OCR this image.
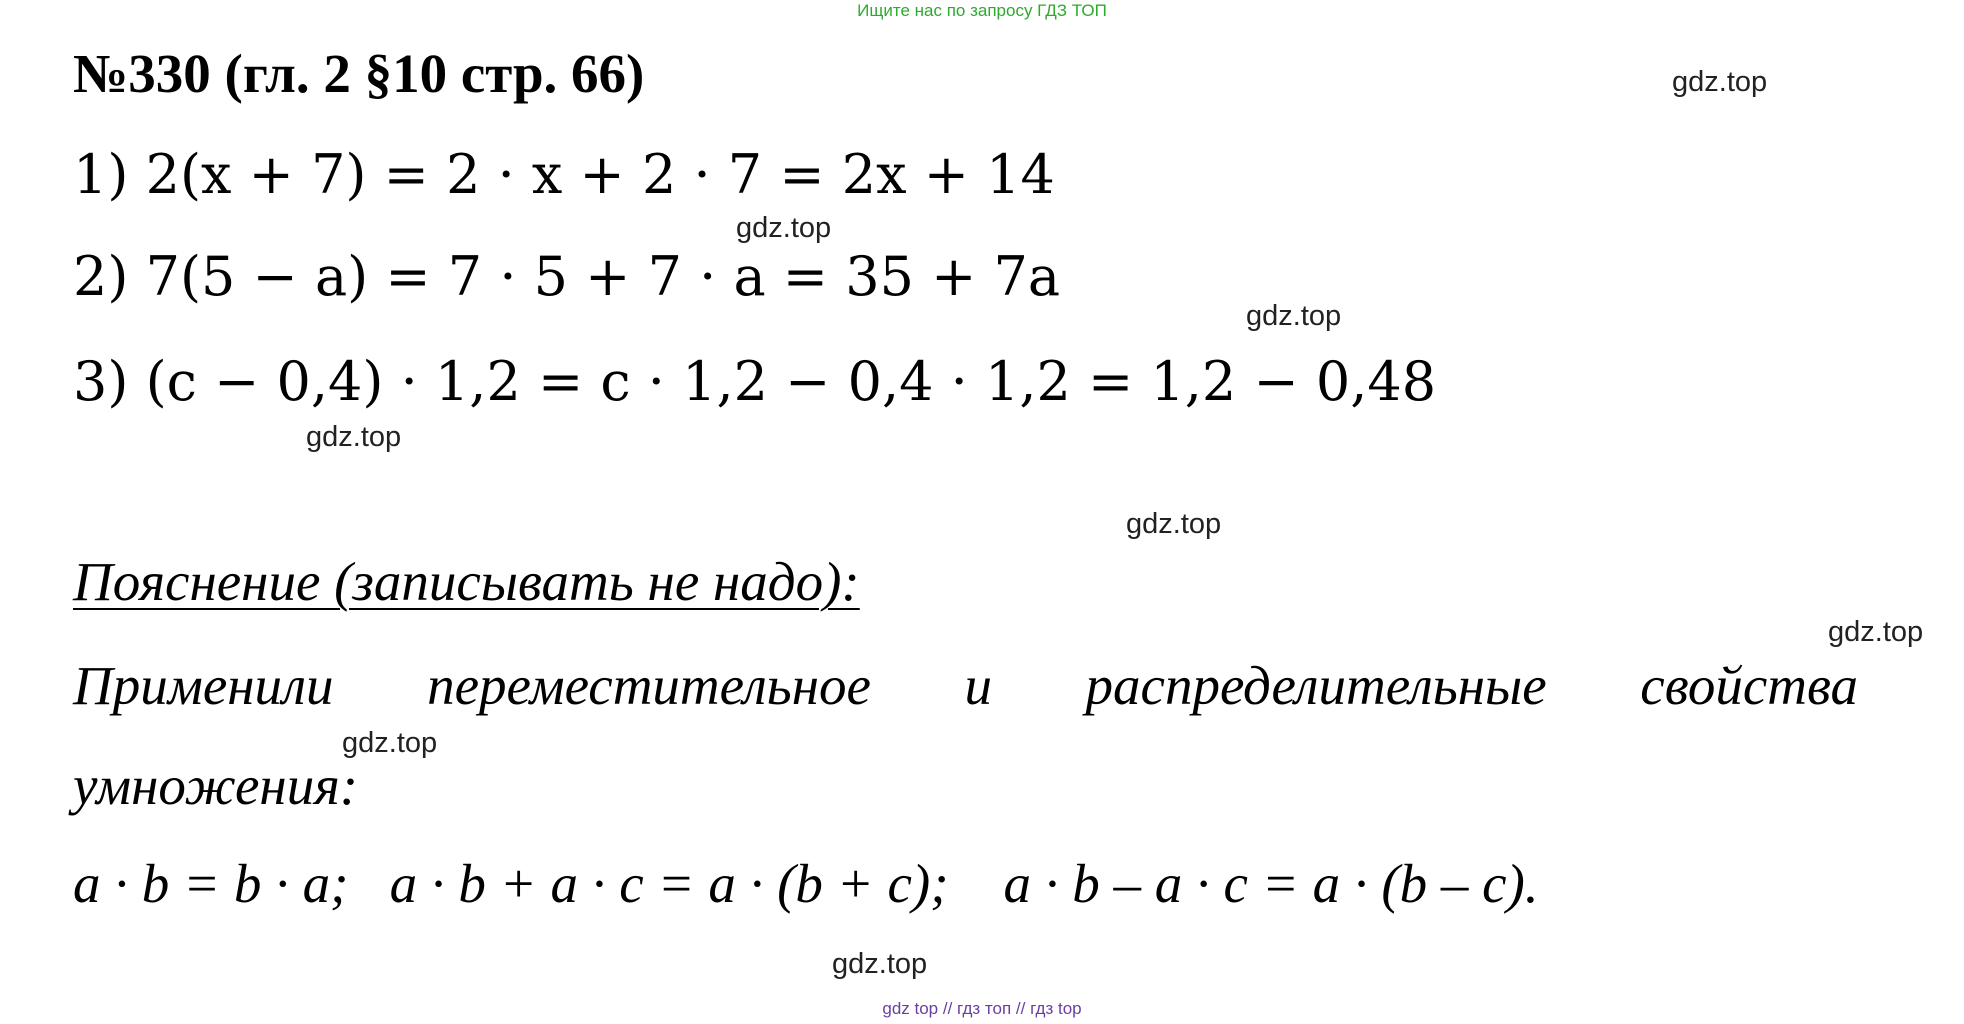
Ищите нас по запросу ГДЗ ТОП
№330 (гл. 2 §10 стр. 66)
1) 2(x + 7) = 2 · x + 2 · 7 = 2x + 14
2) 7(5 − a) = 7 · 5 + 7 · a = 35 + 7a
3) (c − 0,4) · 1,2 = c · 1,2 − 0,4 · 1,2 = 1,2 − 0,48
Пояснение (записывать не надо):
Применили переместительное и распределительные свойства
умножения:
a · b = b · a;   a · b + a · c = a · (b + c);    a · b – a · c = a · (b – c).
gdz.top
gdz.top
gdz.top
gdz.top
gdz.top
gdz.top
gdz.top
gdz.top
gdz top // гдз топ // гдз top
